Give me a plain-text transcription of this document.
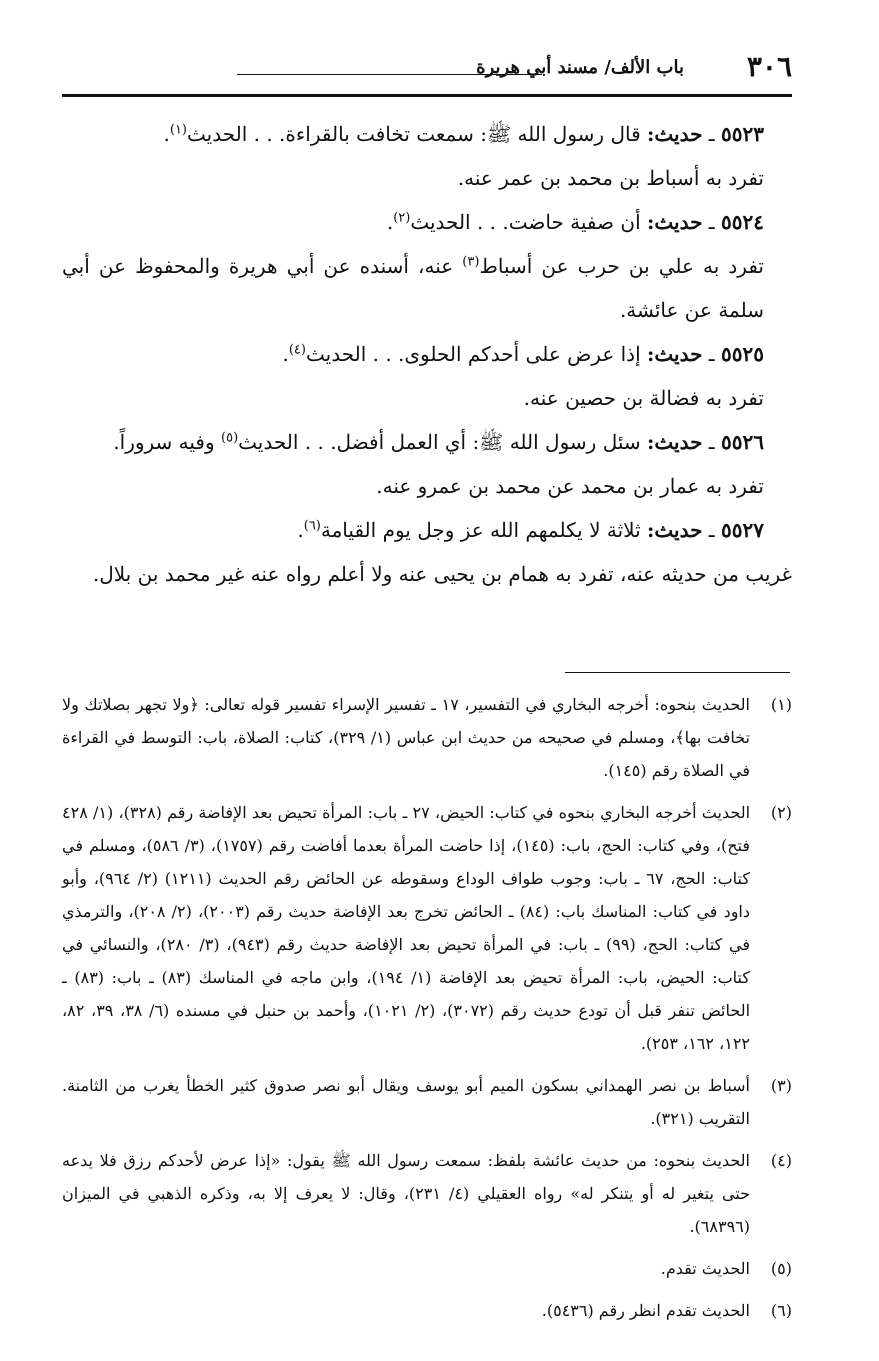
٣٠٦
باب الألف/ مسند أبي هريرة

٥٥٢٣ ـ حديث: قال رسول الله ﷺ: سمعت تخافت بالقراءة. . . الحديث$^{(١)}$.

تفرد به أسباط بن محمد بن عمر عنه.

٥٥٢٤ ـ حديث: أن صفية حاضت. . . الحديث$^{(٢)}$.

تفرد به علي بن حرب عن أسباط$^{(٣)}$ عنه، أسنده عن أبي هريرة والمحفوظ عن أبي سلمة عن عائشة.

٥٥٢٥ ـ حديث: إذا عرض على أحدكم الحلوى. . . الحديث$^{(٤)}$.

تفرد به فضالة بن حصين عنه.

٥٥٢٦ ـ حديث: سئل رسول الله ﷺ: أي العمل أفضل. . . الحديث$^{(٥)}$ وفيه سروراً.

تفرد به عمار بن محمد عن محمد بن عمرو عنه.

٥٥٢٧ ـ حديث: ثلاثة لا يكلمهم الله عز وجل يوم القيامة$^{(٦)}$.

غريب من حديثه عنه، تفرد به همام بن يحيى عنه ولا أعلم رواه عنه غير محمد بن بلال.

(١)
الحديث بنحوه: أخرجه البخاري في التفسير، ١٧ ـ تفسير الإسراء تفسير قوله تعالى: ﴿ولا تجهر بصلاتك ولا تخافت بها﴾، ومسلم في صحيحه من حديث ابن عباس (١/ ٣٢٩)، كتاب: الصلاة، باب: التوسط في القراءة في الصلاة رقم (١٤٥).
(٢)
الحديث أخرجه البخاري بنحوه في كتاب: الحيض، ٢٧ ـ باب: المرأة تحيض بعد الإفاضة رقم (٣٢٨)، (١/ ٤٢٨ فتح)، وفي كتاب: الحج، باب: (١٤٥)، إذا حاضت المرأة بعدما أفاضت رقم (١٧٥٧)، (٣/ ٥٨٦)، ومسلم في كتاب: الحج، ٦٧ ـ باب: وجوب طواف الوداع وسقوطه عن الحائض رقم الحديث (١٢١١) (٢/ ٩٦٤)، وأبو داود في كتاب: المناسك باب: (٨٤) ـ الحائض تخرج بعد الإفاضة حديث رقم (٢٠٠٣)، (٢/ ٢٠٨)، والترمذي في كتاب: الحج، (٩٩) ـ باب: في المرأة تحيض بعد الإفاضة حديث رقم (٩٤٣)، (٣/ ٢٨٠)، والنسائي في كتاب: الحيض، باب: المرأة تحيض بعد الإفاضة (١/ ١٩٤)، وابن ماجه في المناسك (٨٣) ـ باب: (٨٣) ـ الحائض تنفر قبل أن تودع حديث رقم (٣٠٧٢)، (٢/ ١٠٢١)، وأحمد بن حنبل في مسنده (٦/ ٣٨، ٣٩، ٨٢، ١٢٢، ١٦٢، ٢٥٣).
(٣)
أسباط بن نصر الهمداني بسكون الميم أبو يوسف ويقال أبو نصر صدوق كثير الخطأ يغرب من الثامنة. التقريب (٣٢١).
(٤)
الحديث بنحوه: من حديث عائشة بلفظ: سمعت رسول الله ﷺ يقول: «إذا عرض لأحدكم رزق فلا يدعه حتى يتغير له أو يتنكر له» رواه العقيلي (٤/ ٢٣١)، وقال: لا يعرف إلا به، وذكره الذهبي في الميزان (٦٨٣٩٦).
(٥)
الحديث تقدم.
(٦)
الحديث تقدم انظر رقم (٥٤٣٦).
